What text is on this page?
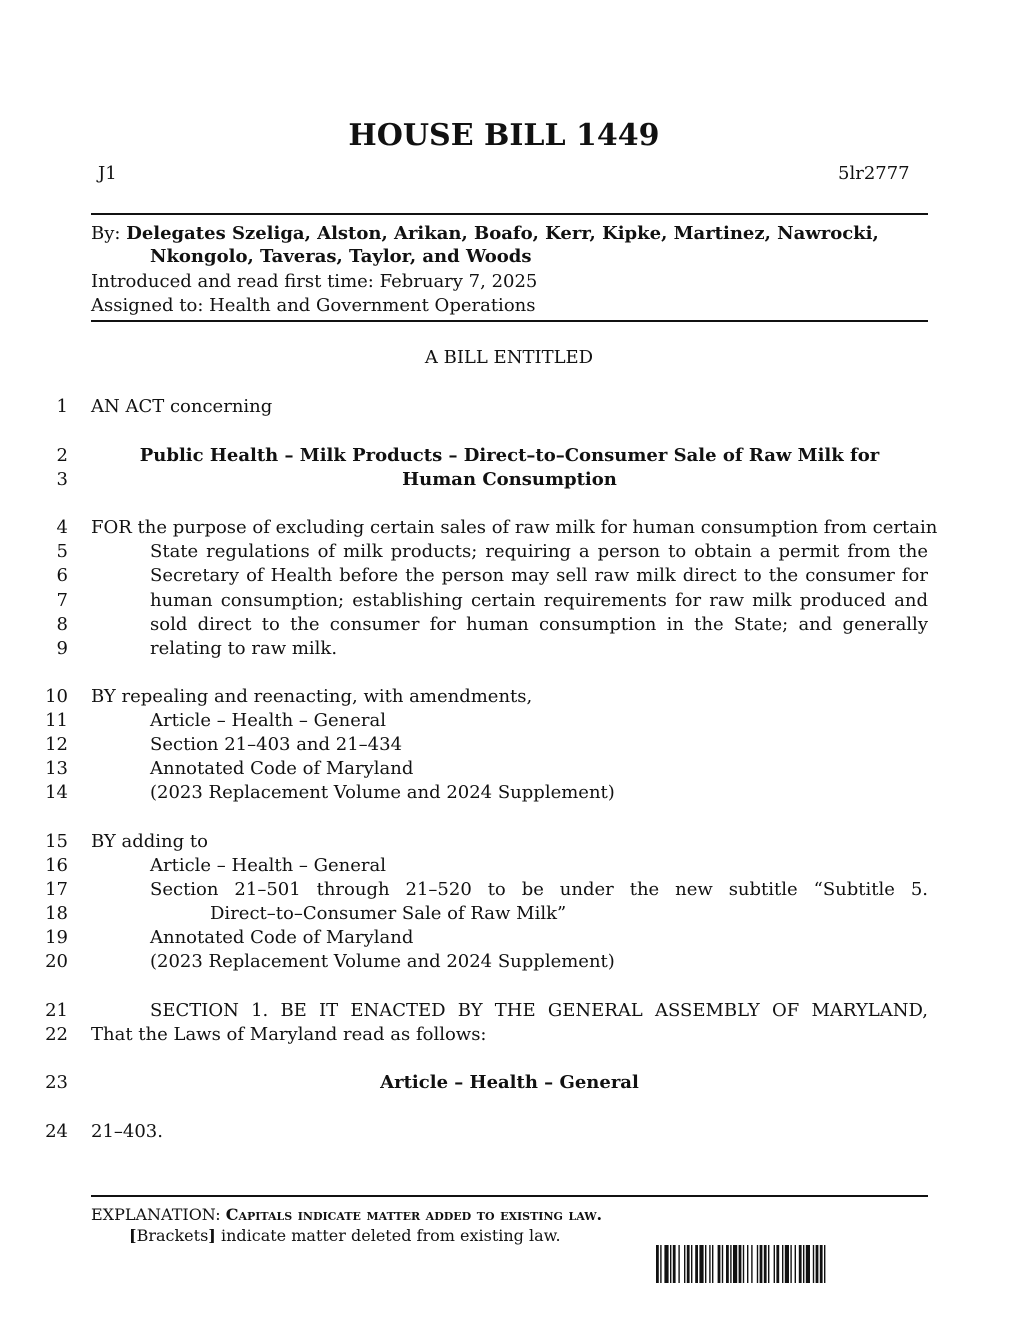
HOUSE BILL 1449
J1	5lr2777
By: Delegates Szeliga, Alston, Arikan, Boafo, Kerr, Kipke, Martinez, Nawrocki,
Nkongolo, Taveras, Taylor, and Woods
Introduced and read first time: February 7, 2025
Assigned to: Health and Government Operations
A BILL ENTITLED
1
2
3
4
5
6
7
8
9
10
11
12
13
14
15
16
17
18
19
20
21
22
23
24
AN ACT concerning
Public Health – Milk Products – Direct–to–Consumer Sale of Raw Milk for
Human Consumption
FOR the purpose of excluding certain sales of raw milk for human consumption from certain
State regulations of milk products; requiring a person to obtain a permit from the
Secretary of Health before the person may sell raw milk direct to the consumer for
human consumption; establishing certain requirements for raw milk produced and
sold direct to the consumer for human consumption in the State; and generally
relating to raw milk.
BY repealing and reenacting, with amendments,
Article – Health – General
Section 21–403 and 21–434
Annotated Code of Maryland
(2023 Replacement Volume and 2024 Supplement)
BY adding to
Article – Health – General
Section 21–501 through 21–520 to be under the new subtitle “Subtitle 5.
Direct–to–Consumer Sale of Raw Milk”
Annotated Code of Maryland
(2023 Replacement Volume and 2024 Supplement)
SECTION 1. BE IT ENACTED BY THE GENERAL ASSEMBLY OF MARYLAND,
That the Laws of Maryland read as follows:
Article – Health – General
21–403.
EXPLANATION: Capitals indicate matter added to existing law.
[Brackets] indicate matter deleted from existing law.
